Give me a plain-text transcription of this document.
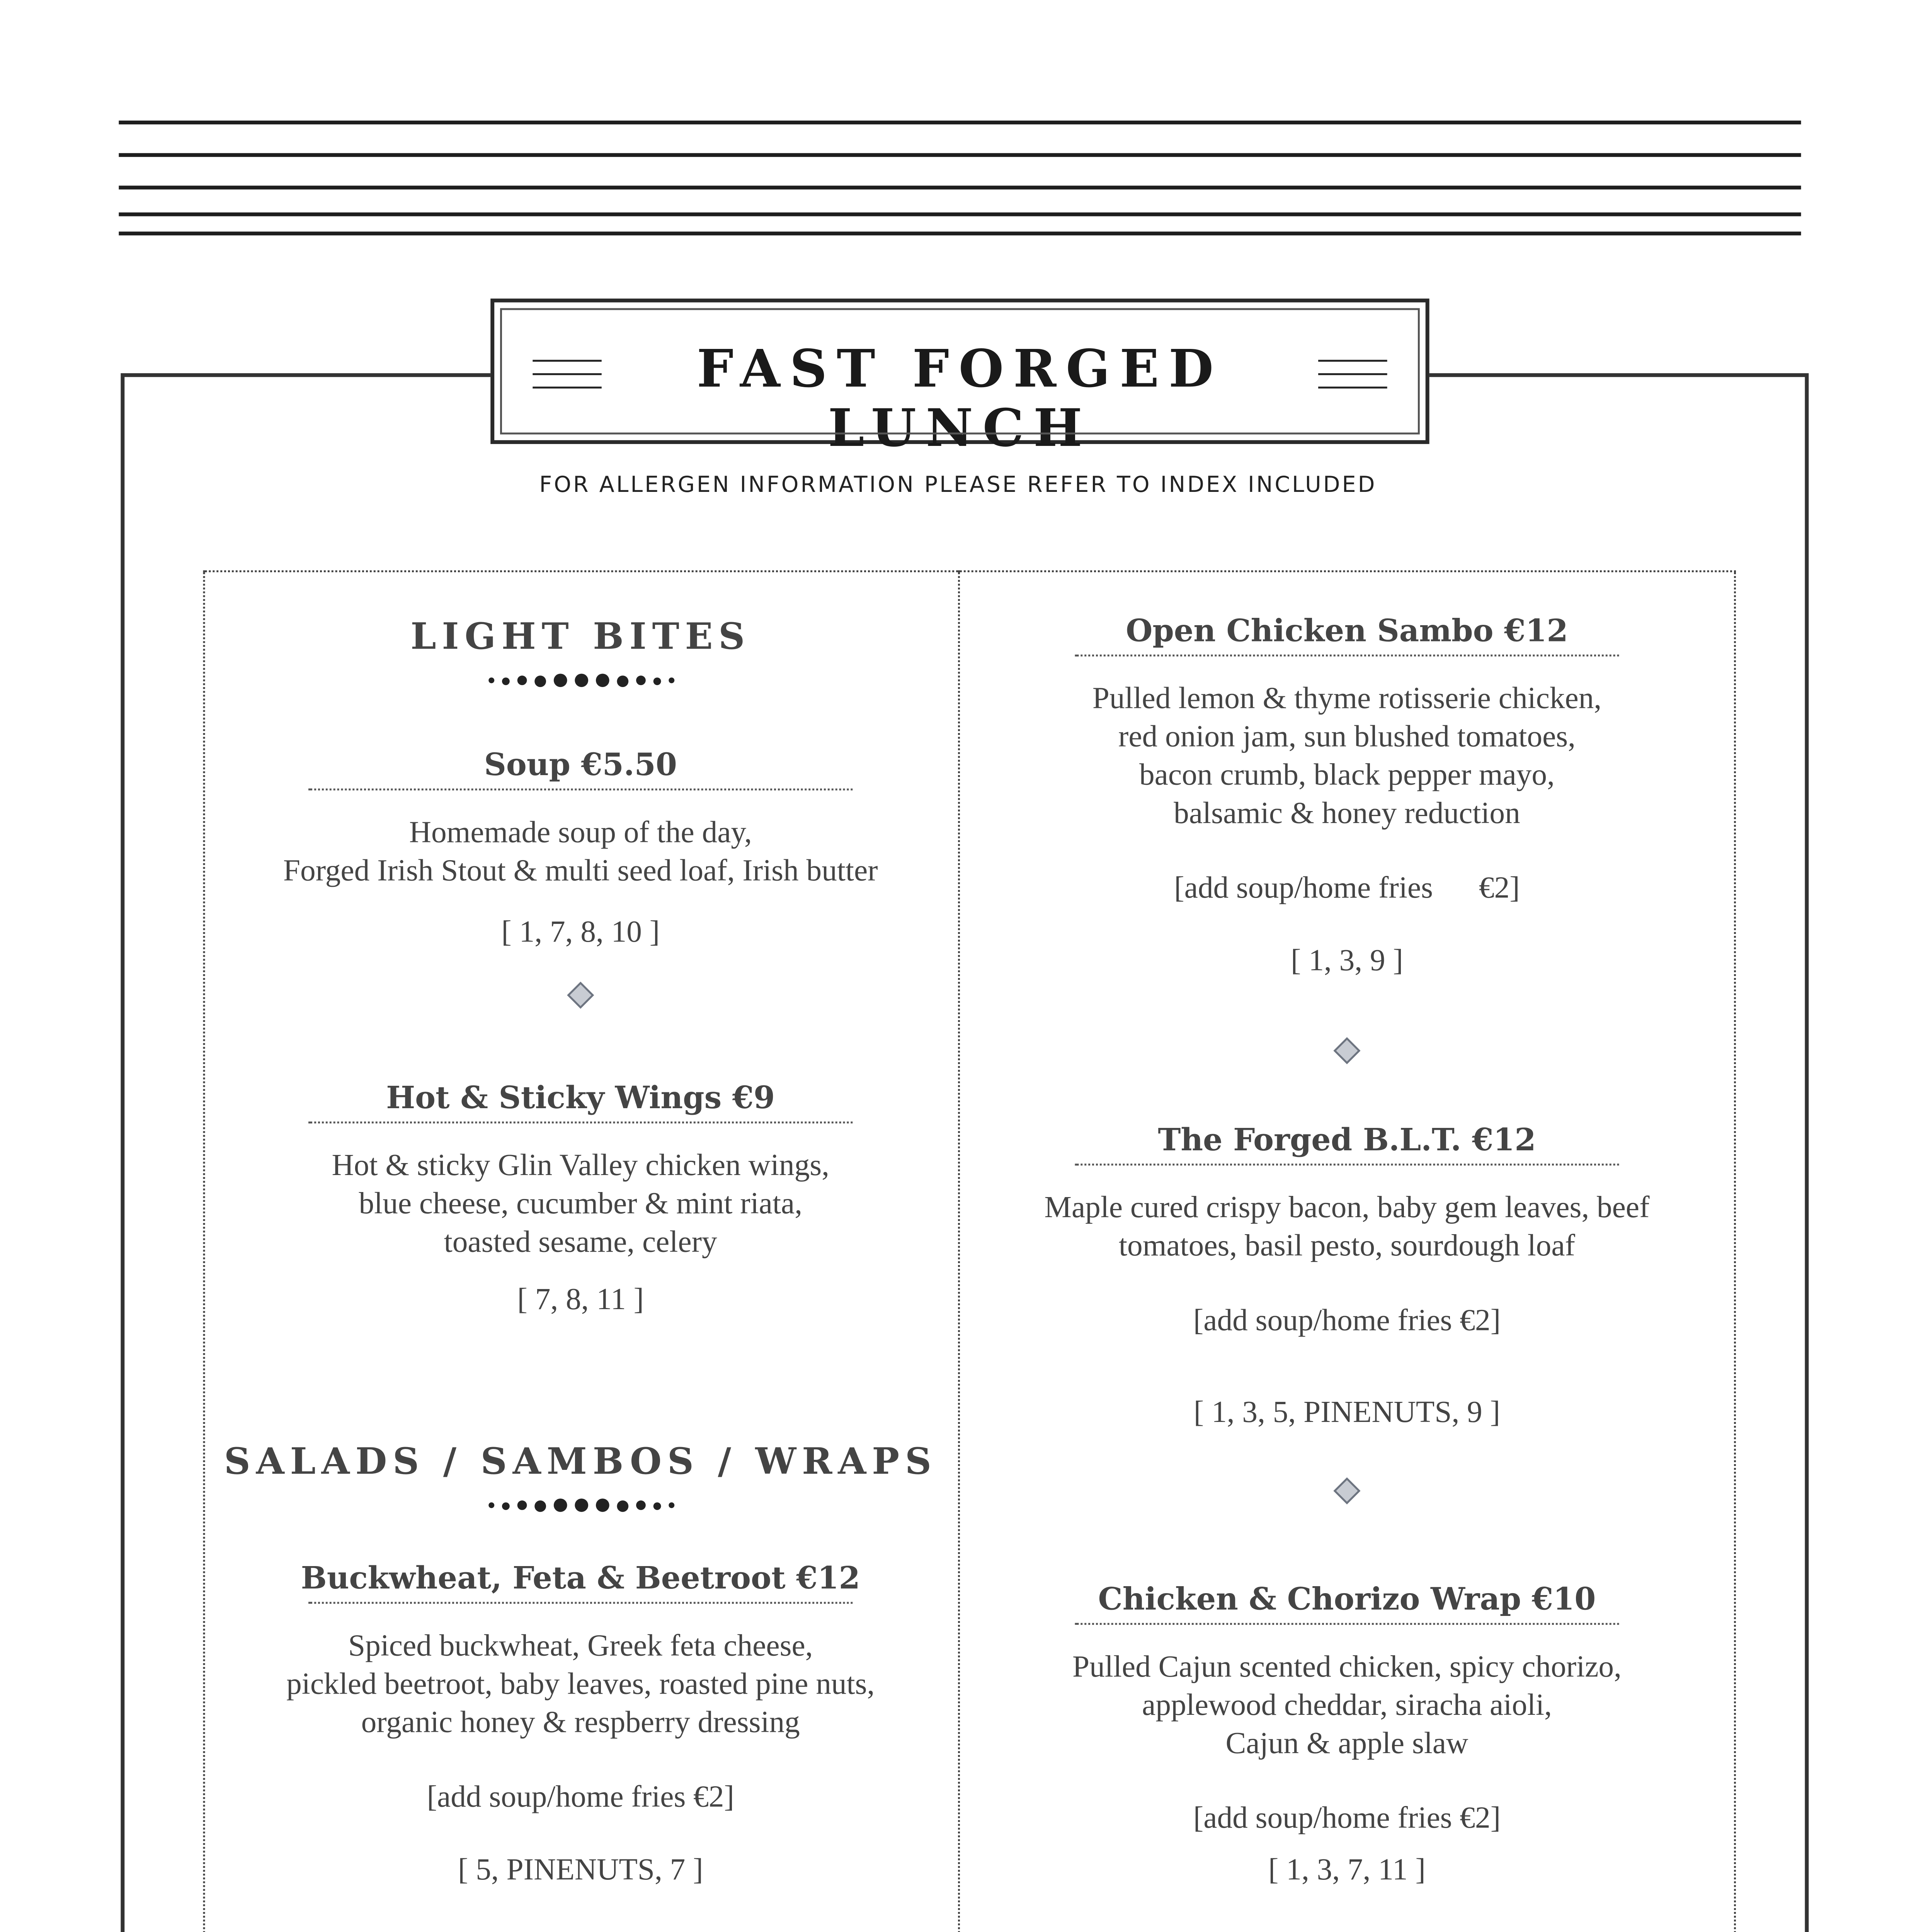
FAST FORGED LUNCH
FOR ALLERGEN INFORMATION PLEASE REFER TO INDEX INCLUDED
LIGHT BITES
Soup €5.50
Homemade soup of the day,
Forged Irish Stout & multi seed loaf, Irish butter
[ 1, 7, 8, 10 ]
Hot & Sticky Wings €9
Hot & sticky Glin Valley chicken wings,
blue cheese, cucumber & mint riata,
toasted sesame, celery
[ 7, 8, 11 ]
SALADS / SAMBOS / WRAPS
Buckwheat, Feta & Beetroot €12
Spiced buckwheat, Greek feta cheese,
pickled beetroot, baby leaves, roasted pine nuts,
organic honey & respberry dressing
[add soup/home fries €2]
[ 5, PINENUTS, 7 ]
Open Chicken Sambo €12
Pulled lemon & thyme rotisserie chicken,
red onion jam, sun blushed tomatoes,
bacon crumb, black pepper mayo,
balsamic & honey reduction
[add soup/home fries      €2]
[ 1, 3, 9 ]
The Forged B.L.T. €12
Maple cured crispy bacon, baby gem leaves, beef
tomatoes, basil pesto, sourdough loaf
[add soup/home fries €2]
[ 1, 3, 5, PINENUTS, 9 ]
Chicken & Chorizo Wrap €10
Pulled Cajun scented chicken, spicy chorizo,
applewood cheddar, siracha aioli,
Cajun & apple slaw
[add soup/home fries €2]
[ 1, 3, 7, 11 ]
